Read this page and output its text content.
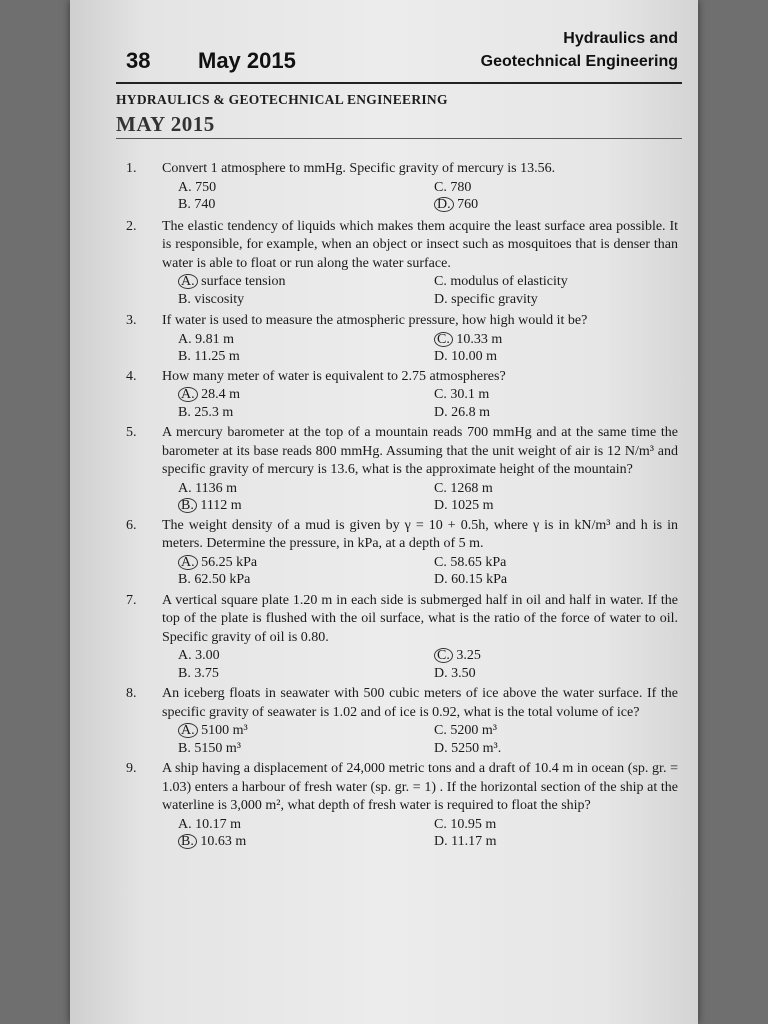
38 May 2015
Hydraulics and
Geotechnical Engineering
HYDRAULICS & GEOTECHNICAL ENGINEERING
MAY 2015
1.	Convert 1 atmosphere to mmHg. Specific gravity of mercury is 13.56.
A. 750	C. 780
B. 740	D. 760
2.	The elastic tendency of liquids which makes them acquire the least surface area possible. It is responsible, for example, when an object or insect such as mosquitoes that is denser than water is able to float or run along the water surface.
A. surface tension	C. modulus of elasticity
B. viscosity	D. specific gravity
3.	If water is used to measure the atmospheric pressure, how high would it be?
A. 9.81 m	C. 10.33 m
B. 11.25 m	D. 10.00 m
4.	How many meter of water is equivalent to 2.75 atmospheres?
A. 28.4 m	C. 30.1 m
B. 25.3 m	D. 26.8 m
5.	A mercury barometer at the top of a mountain reads 700 mmHg and at the same time the barometer at its base reads 800 mmHg. Assuming that the unit weight of air is 12 N/m³ and specific gravity of mercury is 13.6, what is the approximate height of the mountain?
A. 1136 m	C. 1268 m
B. 1112 m	D. 1025 m
6.	The weight density of a mud is given by γ = 10 + 0.5h, where γ is in kN/m³ and h is in meters. Determine the pressure, in kPa, at a depth of 5 m.
A. 56.25 kPa	C. 58.65 kPa
B. 62.50 kPa	D. 60.15 kPa
7.	A vertical square plate 1.20 m in each side is submerged half in oil and half in water. If the top of the plate is flushed with the oil surface, what is the ratio of the force of water to oil. Specific gravity of oil is 0.80.
A. 3.00	C. 3.25
B. 3.75	D. 3.50
8.	An iceberg floats in seawater with 500 cubic meters of ice above the water surface. If the specific gravity of seawater is 1.02 and of ice is 0.92, what is the total volume of ice?
A. 5100 m³	C. 5200 m³
B. 5150 m³	D. 5250 m³.
9.	A ship having a displacement of 24,000 metric tons and a draft of 10.4 m in ocean (sp. gr. = 1.03) enters a harbour of fresh water (sp. gr. = 1) . If the horizontal section of the ship at the waterline is 3,000 m², what depth of fresh water is required to float the ship?
A. 10.17 m	C. 10.95 m
B. 10.63 m	D. 11.17 m
